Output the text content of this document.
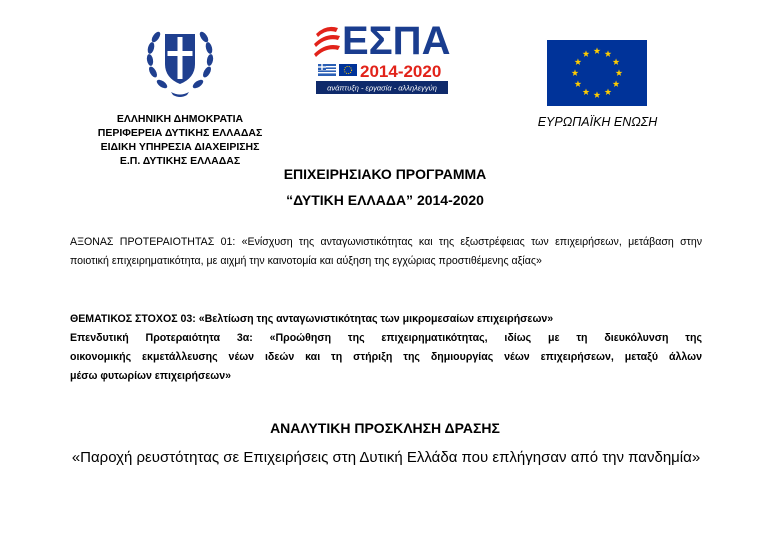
ΕΛΛΗΝΙΚΗ ΔΗΜΟΚΡΑΤΙΑ
ΠΕΡΙΦΕΡΕΙΑ ΔΥΤΙΚΗΣ ΕΛΛΑΔΑΣ
ΕΙΔΙΚΗ ΥΠΗΡΕΣΙΑ ΔΙΑΧΕΙΡΙΣΗΣ
Ε.Π. ΔΥΤΙΚΗΣ ΕΛΛΑΔΑΣ
ΕΣΠΑ
2014-2020
ανάπτυξη - εργασία - αλληλεγγύη
ΕΥΡΩΠΑΪΚΗ ΕΝΩΣΗ
ΕΠΙΧΕΙΡΗΣΙΑΚΟ ΠΡΟΓΡΑΜΜΑ
“ΔΥΤΙΚΗ ΕΛΛΑΔΑ” 2014-2020
ΑΞΟΝΑΣ ΠΡΟΤΕΡΑΙΟΤΗΤΑΣ 01: «Ενίσχυση της ανταγωνιστικότητας και της εξωστρέφειας των επιχειρήσεων, μετάβαση στην ποιοτική επιχειρηματικότητα, με αιχμή την καινοτομία και αύξηση της εγχώριας προστιθέμενης αξίας»
ΘΕΜΑΤΙΚΟΣ ΣΤΟΧΟΣ 03: «Βελτίωση της ανταγωνιστικότητας των μικρομεσαίων επιχειρήσεων»
Επενδυτική Προτεραιότητα 3α: «Προώθηση της επιχειρηματικότητας, ιδίως με τη διευκόλυνση της
οικονομικής εκμετάλλευσης νέων ιδεών και τη στήριξη της δημιουργίας νέων επιχειρήσεων, μεταξύ άλλων
μέσω φυτωρίων επιχειρήσεων»
ΑΝΑΛΥΤΙΚΗ ΠΡΟΣΚΛΗΣΗ ΔΡΑΣΗΣ
«Παροχή ρευστότητας σε Επιχειρήσεις στη Δυτική Ελλάδα που επλήγησαν από την πανδημία»
